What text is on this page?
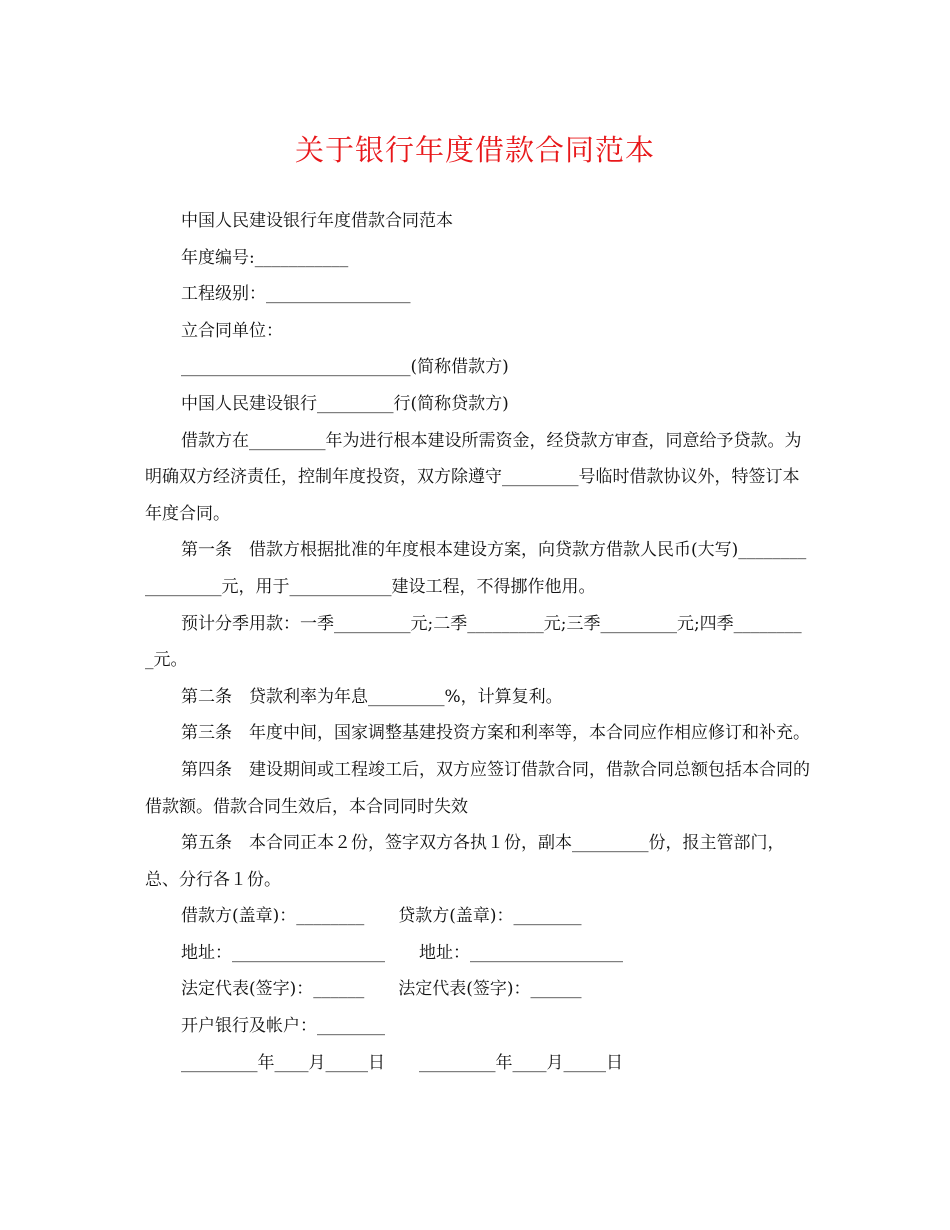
关于银行年度借款合同范本

中国人民建设银行年度借款合同范本

年度编号:___________

工程级别：_________________

立合同单位：

___________________________(简称借款方)

中国人民建设银行_________行(简称贷款方)

借款方在_________年为进行根本建设所需资金，经贷款方审查，同意给予贷款。为明确双方经济责任，控制年度投资，双方除遵守_________号临时借款协议外，特签订本年度合同。

第一条　借款方根据批准的年度根本建设方案，向贷款方借款人民币(大写)_________________元，用于____________建设工程，不得挪作他用。

预计分季用款：一季_________元;二季_________元;三季_________元;四季_________元。

第二条　贷款利率为年息_________%，计算复利。

第三条　年度中间，国家调整基建投资方案和利率等，本合同应作相应修订和补充。

第四条　建设期间或工程竣工后，双方应签订借款合同，借款合同总额包括本合同的借款额。借款合同生效后，本合同同时失效

第五条　本合同正本２份，签字双方各执１份，副本_________份，报主管部门，总、分行各１份。

借款方(盖章)：________　　贷款方(盖章)：________

地址：__________________　　地址：__________________

法定代表(签字)：______　　法定代表(签字)：______

开户银行及帐户：________

_________年____月_____日　　_________年____月_____日
